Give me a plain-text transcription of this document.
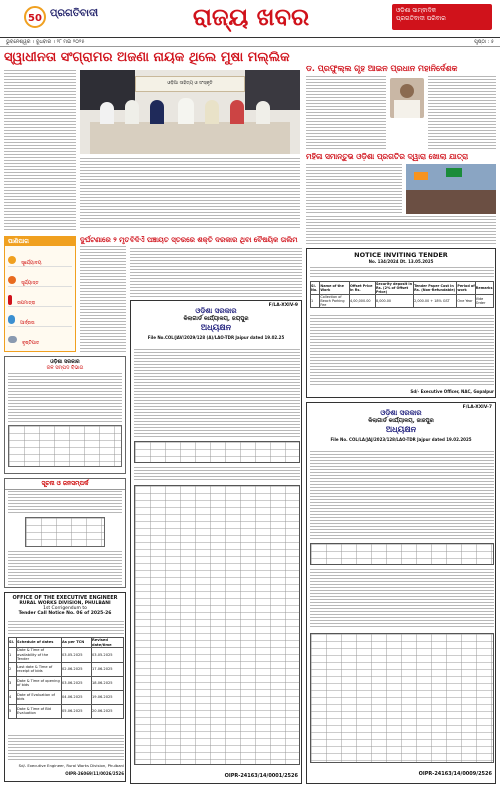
50 ପ୍ରଗତିବାଦୀ	ରାଜ୍ୟ ଖବର	ଓଡ଼ିଶା ସାମ୍ବାଦିକ
ପ୍ରଗତିବାଦୀ ପରିବାର
ଭୁବନେଶ୍ୱର । ବୁଧବାର । ୨୮ ମଇ ୨୦୨୫	ପୃଷ୍ଠା : ୫
ସ୍ୱାଧୀନତା ସଂଗ୍ରାମର ଅଜଣା ନାୟକ ଥିଲେ ମୁଷା ମଲ୍ଲିକ
ଓଡ଼ିଆ ସାହିତ୍ୟ ଓ ସଂସ୍କୃତି
ଡ. ପ୍ରଫୁଲ୍ଲ ଗୃହ ଆଇନ ପ୍ରଧାନ ମହାନିର୍ଦେଶକ
ମହିଳା ସମାନ୍ତୁଭ ଓଡ଼ିଶା ପ୍ରଗତିର ଦ୍ୱାରା ଖୋଲା ଯାତ୍ରା
ପାଣିପାଗ
ସୂର୍ଯ୍ୟୋଦୟ
ସୂର୍ଯ୍ୟାସ୍ତ
ତାପମାତ୍ରା
ଆର୍ଦ୍ରତା
ବୃଷ୍ଟିପାତ
ଓଡ଼ିଶା ସରକାର
ଜଳ ସମ୍ପଦ ବିଭାଗ
ସୂଚନା ଓ ଜନସମ୍ପର୍କ
OFFICE OF THE EXECUTIVE ENGINEER
RURAL WORKS DIVISION, PHULBANI
1st Corrigendum to
Tender Call Notice No. 06 of 2025-26
Sl.	Schedule of dates	As per TCN	Revised date/time
1	Date & Time of availability of the Tender	03.05.2025	03.05.2025
2	Last date & Time of receipt of bids	02.06.2025	17.06.2025
3	Date & Time of opening of bids	03.06.2025	18.06.2025
4	Date of Evaluation of bids	04.06.2025	19.06.2025
5	Date & Time of Bid Evaluation	05.06.2025	20.06.2025
Sd/- Executive Engineer, Rural Works Division, Phulbani
OIPR-26069/11/0026/2526
ଦୁର୍ଘଟଣାରେ ୨ ମୃତ ବିଦିଏଁ ପଞ୍ଚାୟତ ସ୍ତରରେ ଶକ୍ତି ଦରକାର ଥିବା ବୈଷୟିକ ତାଲିମ
NOTICE INVITING TENDER
No. 134/2024 Dt. 13.05.2025
Sl. No.	Name of the Work	Offset Price in Rs.	Security deposit in Rs. (2% of Offset Price)	Tender Paper Cost in Rs. (Non-Refundable)	Period of work	Remarks
1	Collection of Beach Parking Fee	4,00,000.00	8,000.00	2,000.00 + 18% GST	One Year	Vide Order
Sd/- Executive Officer, NAC, Gopalpur
F/LA-XXIV-9
ଓଡ଼ିଶା ସରକାର
କିଲାଗାର୍ଡ କାର୍ଯ୍ୟାଳୟ, ଜୟପୁର
ଅଧ୍ୟକ୍ଷନ
File No.COL/JAV/2029/128 (A)/LAO-TDR Jaipur dated 19.02.25
OIPR-24163/14/0001/2526
F/LA-XXIV-7
ଓଡ଼ିଶା ସରକାର
କିଲାଗାର୍ଡ କାର୍ଯ୍ୟାଳୟ, ଜାଜପୁର
ଅଧ୍ୟକ୍ଷନ
File No. COL/LA/JAJ/2023/128/LAO-TDR Jajpur dated 19.02.2025
OIPR-24163/14/0009/2526
